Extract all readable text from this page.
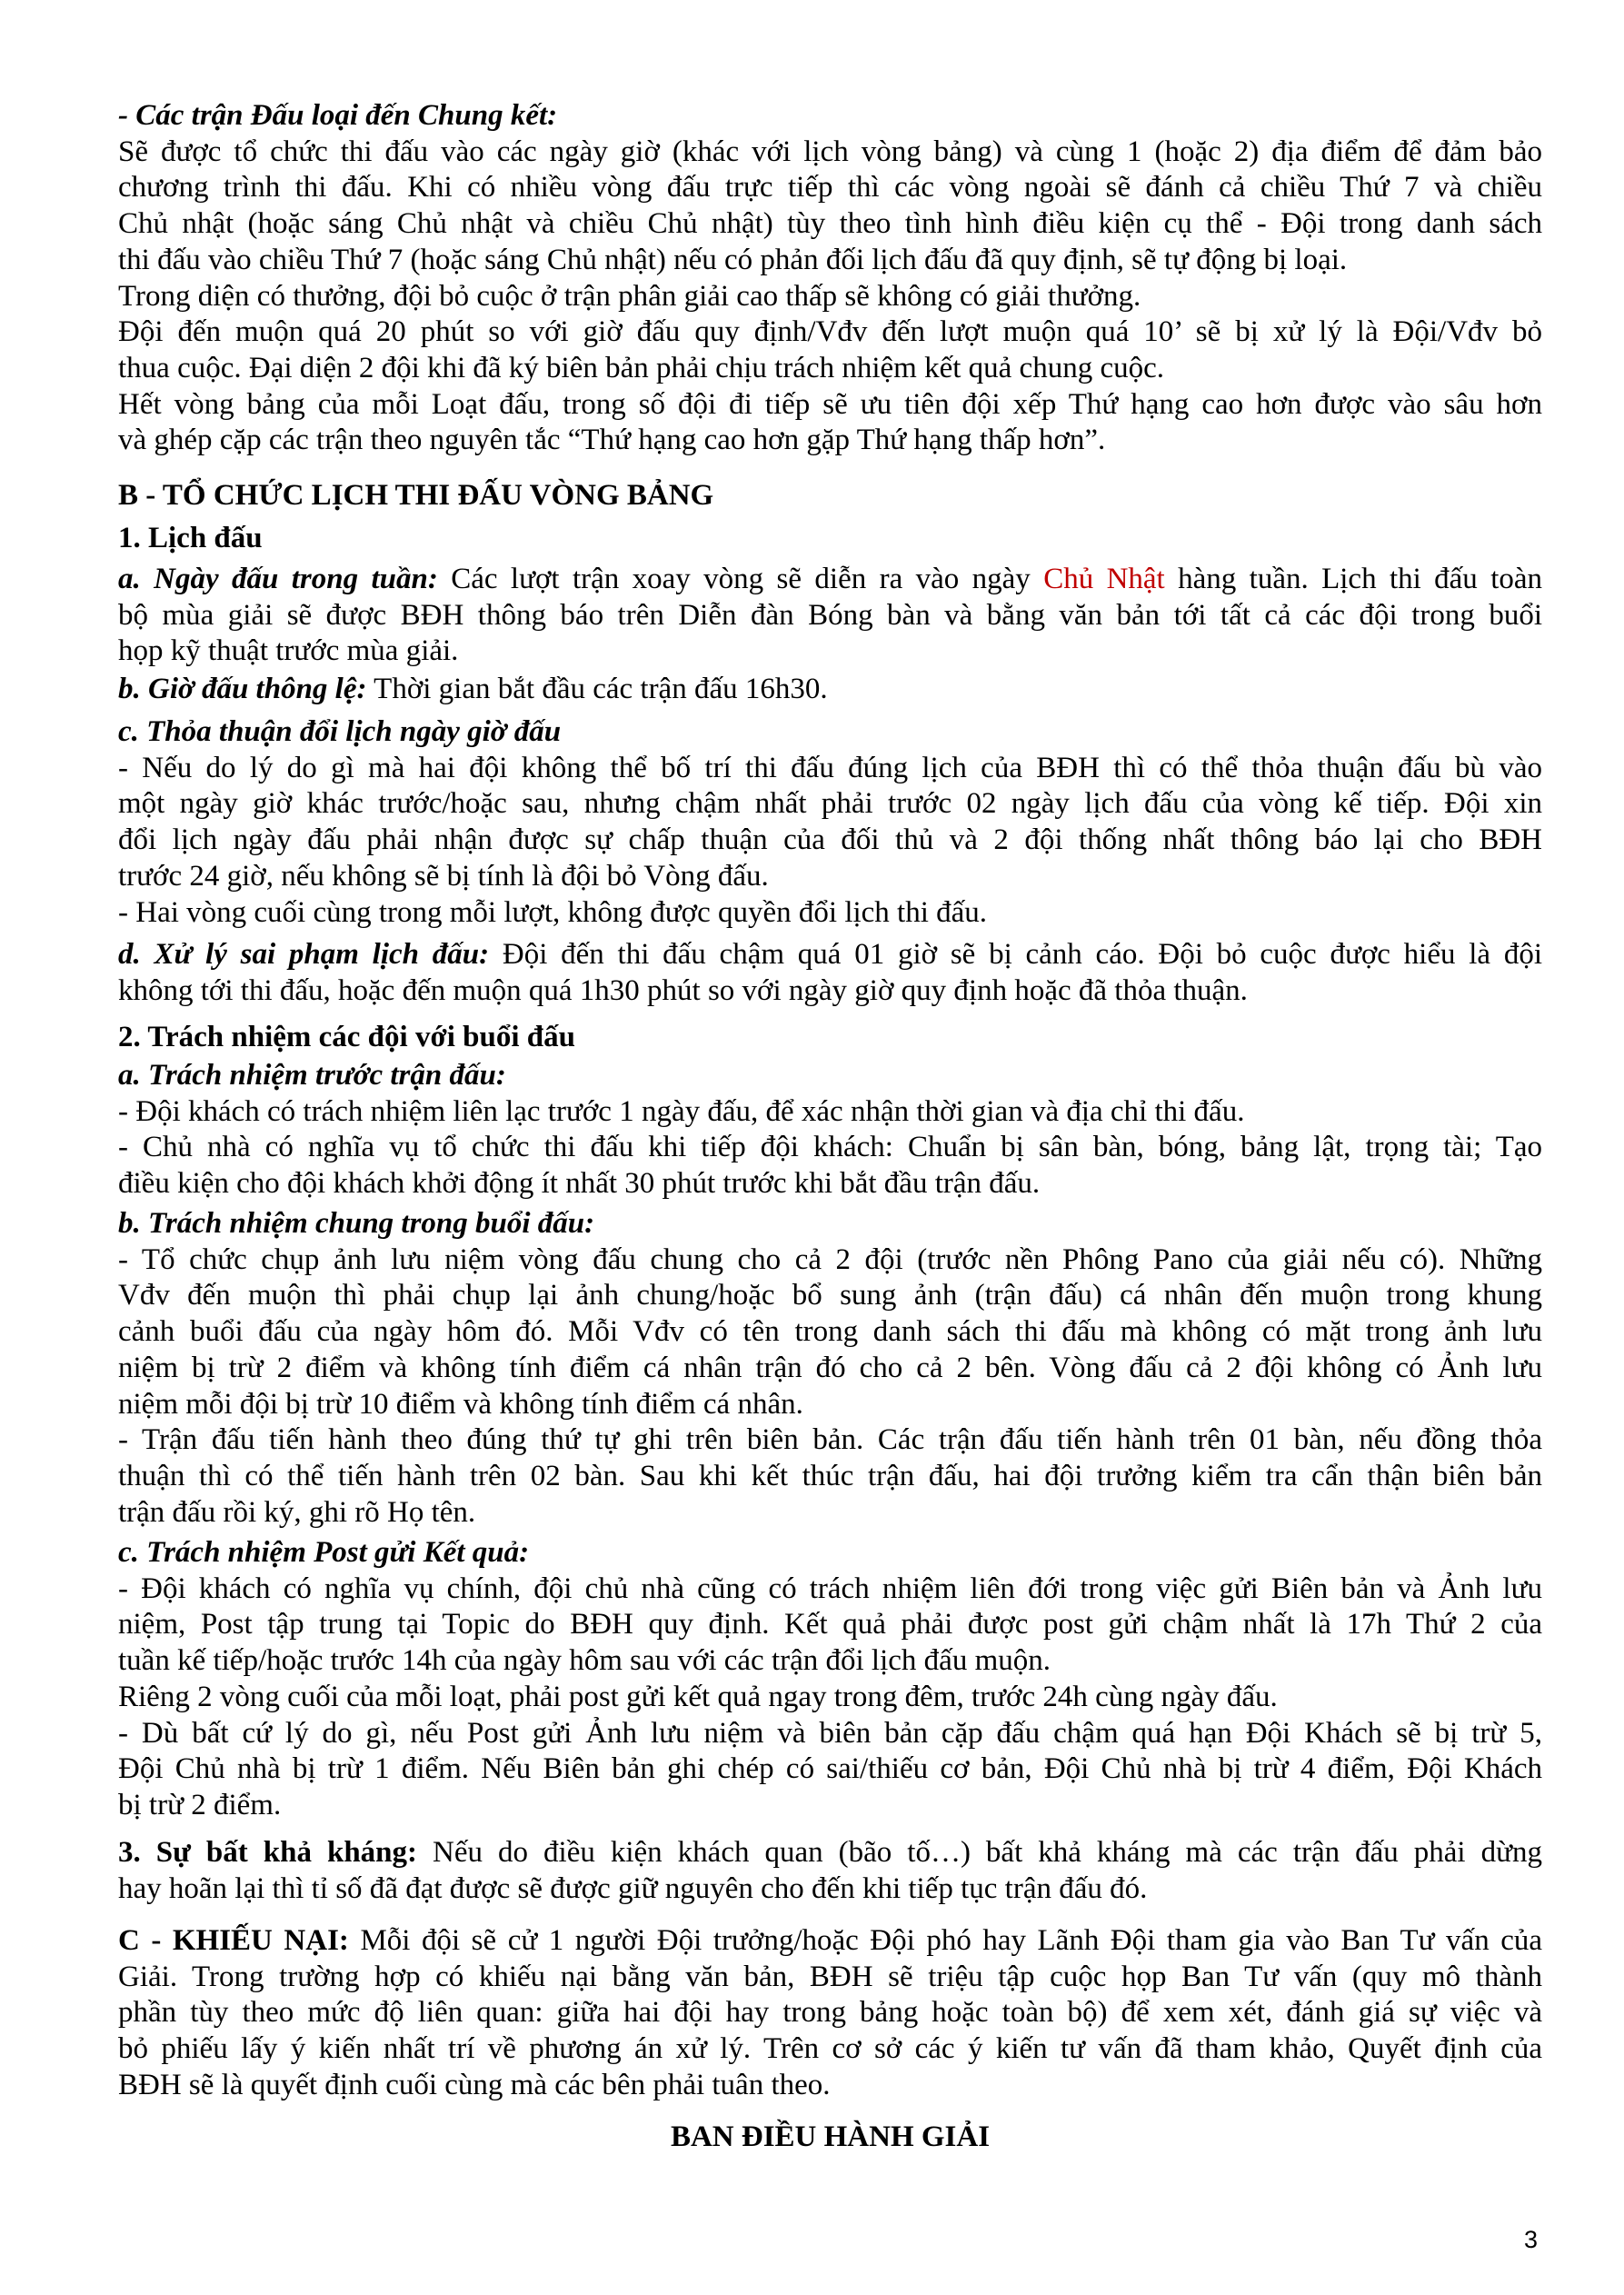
- Các trận Đấu loại đến Chung kết:
Sẽ được tổ chức thi đấu vào các ngày giờ (khác với lịch vòng bảng) và cùng 1 (hoặc 2) địa điểm để đảm bảo
chương trình thi đấu. Khi có nhiều vòng đấu trực tiếp thì các vòng ngoài sẽ đánh cả chiều Thứ 7 và chiều
Chủ nhật (hoặc sáng Chủ nhật và chiều Chủ nhật) tùy theo tình hình điều kiện cụ thể - Đội trong danh sách
thi đấu vào chiều Thứ 7 (hoặc sáng Chủ nhật) nếu có phản đối lịch đấu đã quy định, sẽ tự động bị loại.
Trong diện có thưởng, đội bỏ cuộc ở trận phân giải cao thấp sẽ không có giải thưởng.
Đội đến muộn quá 20 phút so với giờ đấu quy định/Vđv đến lượt muộn quá 10’ sẽ bị xử lý là Đội/Vđv bỏ
thua cuộc. Đại diện 2 đội khi đã ký biên bản phải chịu trách nhiệm kết quả chung cuộc.
Hết vòng bảng của mỗi Loạt đấu, trong số đội đi tiếp sẽ ưu tiên đội xếp Thứ hạng cao hơn được vào sâu hơn
và ghép cặp các trận theo nguyên tắc “Thứ hạng cao hơn gặp Thứ hạng thấp hơn”.
B - TỔ CHỨC LỊCH THI ĐẤU VÒNG BẢNG
1. Lịch đấu
a. Ngày đấu trong tuần: Các lượt trận xoay vòng sẽ diễn ra vào ngày Chủ Nhật hàng tuần. Lịch thi đấu toàn
bộ mùa giải sẽ được BĐH thông báo trên Diễn đàn Bóng bàn và bằng văn bản tới tất cả các đội trong buổi
họp kỹ thuật trước mùa giải.
b. Giờ đấu thông lệ: Thời gian bắt đầu các trận đấu 16h30.
c. Thỏa thuận đổi lịch ngày giờ đấu
- Nếu do lý do gì mà hai đội không thể bố trí thi đấu đúng lịch của BĐH thì có thể thỏa thuận đấu bù vào
một ngày giờ khác trước/hoặc sau, nhưng chậm nhất phải trước 02 ngày lịch đấu của vòng kế tiếp. Đội xin
đổi lịch ngày đấu phải nhận được sự chấp thuận của đối thủ và 2 đội thống nhất thông báo lại cho BĐH
trước 24 giờ, nếu không sẽ bị tính là đội bỏ Vòng đấu.
- Hai vòng cuối cùng trong mỗi lượt, không được quyền đổi lịch thi đấu.
d. Xử lý sai phạm lịch đấu: Đội đến thi đấu chậm quá 01 giờ sẽ bị cảnh cáo. Đội bỏ cuộc được hiểu là đội
không tới thi đấu, hoặc đến muộn quá 1h30 phút so với ngày giờ quy định hoặc đã thỏa thuận.
2. Trách nhiệm các đội với buổi đấu
a. Trách nhiệm trước trận đấu:
- Đội khách có trách nhiệm liên lạc trước 1 ngày đấu, để xác nhận thời gian và địa chỉ thi đấu.
- Chủ nhà có nghĩa vụ tổ chức thi đấu khi tiếp đội khách: Chuẩn bị sân bàn, bóng, bảng lật, trọng tài; Tạo
điều kiện cho đội khách khởi động ít nhất 30 phút trước khi bắt đầu trận đấu.
b. Trách nhiệm chung trong buổi đấu:
- Tổ chức chụp ảnh lưu niệm vòng đấu chung cho cả 2 đội (trước nền Phông Pano của giải nếu có). Những
Vđv đến muộn thì phải chụp lại ảnh chung/hoặc bổ sung ảnh (trận đấu) cá nhân đến muộn trong khung
cảnh buổi đấu của ngày hôm đó. Mỗi Vđv có tên trong danh sách thi đấu mà không có mặt trong ảnh lưu
niệm bị trừ 2 điểm và không tính điểm cá nhân trận đó cho cả 2 bên. Vòng đấu cả 2 đội không có Ảnh lưu
niệm mỗi đội bị trừ 10 điểm và không tính điểm cá nhân.
- Trận đấu tiến hành theo đúng thứ tự ghi trên biên bản. Các trận đấu tiến hành trên 01 bàn, nếu đồng thỏa
thuận thì có thể tiến hành trên 02 bàn. Sau khi kết thúc trận đấu, hai đội trưởng kiểm tra cẩn thận biên bản
trận đấu rồi ký, ghi rõ Họ tên.
c. Trách nhiệm Post gửi Kết quả:
- Đội khách có nghĩa vụ chính, đội chủ nhà cũng có trách nhiệm liên đới trong việc gửi Biên bản và Ảnh lưu
niệm, Post tập trung tại Topic do BĐH quy định. Kết quả phải được post gửi chậm nhất là 17h Thứ 2 của
tuần kế tiếp/hoặc trước 14h của ngày hôm sau với các trận đổi lịch đấu muộn.
Riêng 2 vòng cuối của mỗi loạt, phải post gửi kết quả ngay trong đêm, trước 24h cùng ngày đấu.
- Dù bất cứ lý do gì, nếu Post gửi Ảnh lưu niệm và biên bản cặp đấu chậm quá hạn Đội Khách sẽ bị trừ 5,
Đội Chủ nhà bị trừ 1 điểm. Nếu Biên bản ghi chép có sai/thiếu cơ bản, Đội Chủ nhà bị trừ 4 điểm, Đội Khách
bị trừ 2 điểm.
3. Sự bất khả kháng: Nếu do điều kiện khách quan (bão tố…) bất khả kháng mà các trận đấu phải dừng
hay hoãn lại thì tỉ số đã đạt được sẽ được giữ nguyên cho đến khi tiếp tục trận đấu đó.
C - KHIẾU NẠI: Mỗi đội sẽ cử 1 người Đội trưởng/hoặc Đội phó hay Lãnh Đội tham gia vào Ban Tư vấn của
Giải. Trong trường hợp có khiếu nại bằng văn bản, BĐH sẽ triệu tập cuộc họp Ban Tư vấn (quy mô thành
phần tùy theo mức độ liên quan: giữa hai đội hay trong bảng hoặc toàn bộ) để xem xét, đánh giá sự việc và
bỏ phiếu lấy ý kiến nhất trí về phương án xử lý. Trên cơ sở các ý kiến tư vấn đã tham khảo, Quyết định của
BĐH sẽ là quyết định cuối cùng mà các bên phải tuân theo.
BAN ĐIỀU HÀNH GIẢI
3
